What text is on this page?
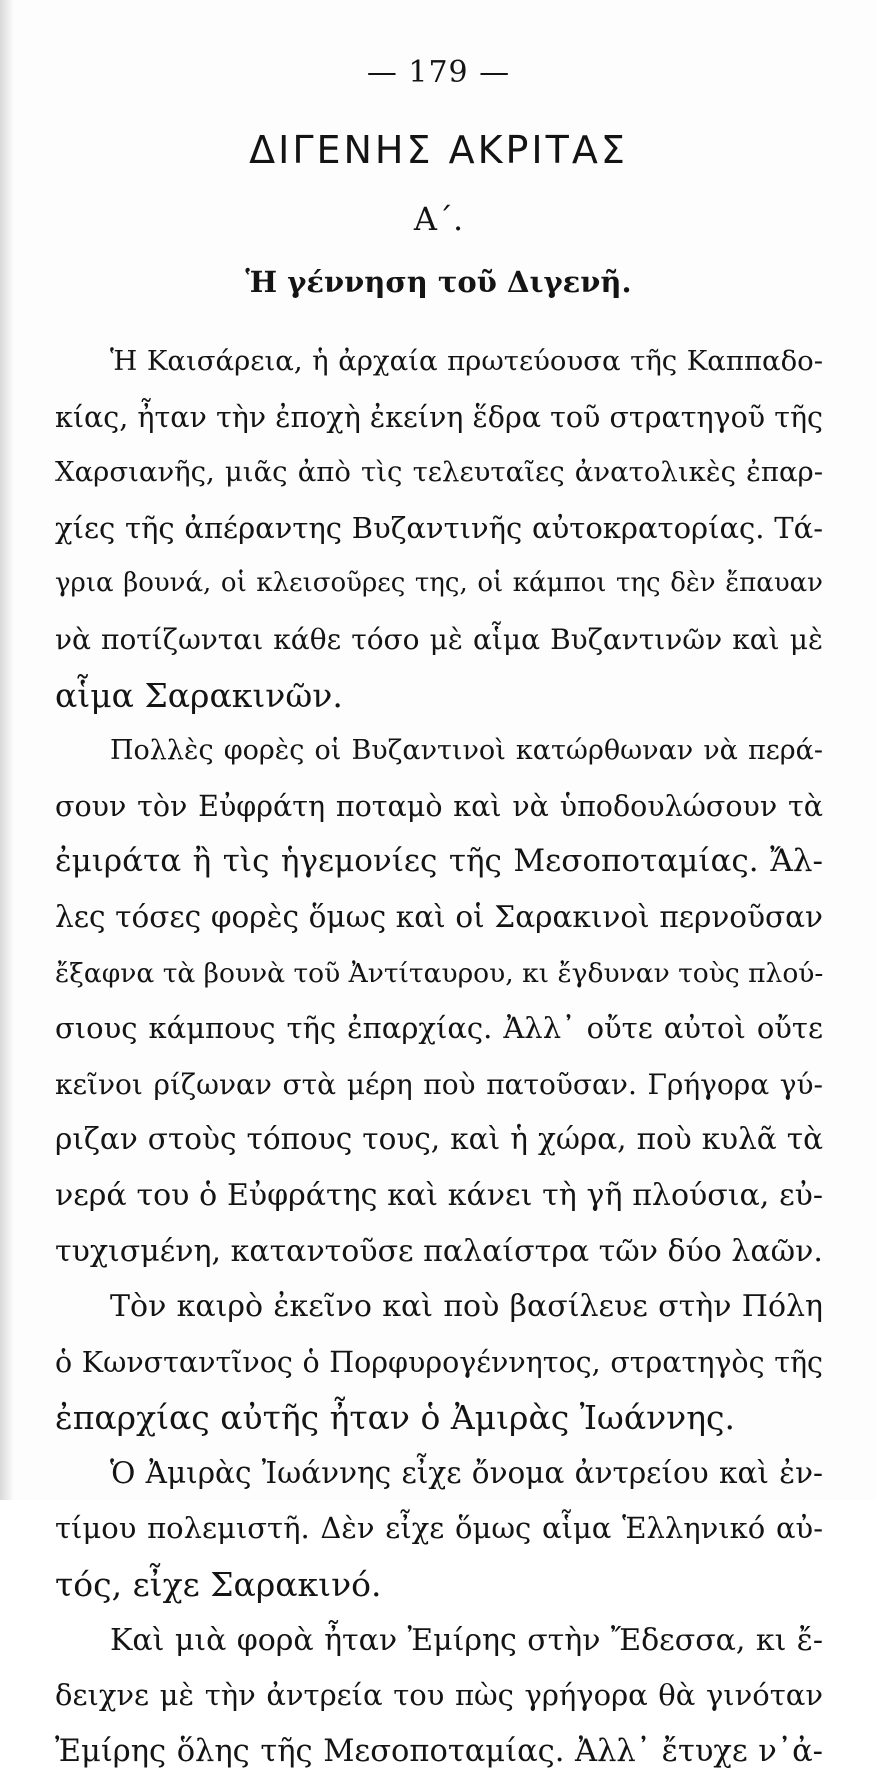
— 179 —
ΔΙΓΕΝΗΣ ΑΚΡΙΤΑΣ
Α΄.
Ἡ γέννηση τοῦ Διγενῆ.
Ἡ Καισάρεια, ἡ ἀρχαία πρωτεύουσα τῆς Καππαδο-
κίας, ἦταν τὴν ἐποχὴ ἐκείνη ἕδρα τοῦ στρατηγοῦ τῆς
Χαρσιανῆς, μιᾶς ἀπὸ τὶς τελευταῖες ἀνατολικὲς ἐπαρ-
χίες τῆς ἀπέραντης Βυζαντινῆς αὐτοκρατορίας. Τά-
γρια βουνά, οἱ κλεισοῦρες της, οἱ κάμποι της δὲν ἔπαυαν
νὰ ποτίζωνται κάθε τόσο μὲ αἷμα Βυζαντινῶν καὶ μὲ
αἷμα Σαρακινῶν.
Πολλὲς φορὲς οἱ Βυζαντινοὶ κατώρθωναν νὰ περά-
σουν τὸν Εὐφράτη ποταμὸ καὶ νὰ ὑποδουλώσουν τὰ
ἐμιράτα ἢ τὶς ἡγεμονίες τῆς Μεσοποταμίας. Ἄλ-
λες τόσες φορὲς ὅμως καὶ οἱ Σαρακινοὶ περνοῦσαν
ἔξαφνα τὰ βουνὰ τοῦ Ἀντίταυρου, κι ἔγδυναν τοὺς πλού-
σιους κάμπους τῆς ἐπαρχίας. Ἀλλ᾽ οὔτε αὐτοὶ οὔτε
κεῖνοι ρίζωναν στὰ μέρη ποὺ πατοῦσαν. Γρήγορα γύ-
ριζαν στοὺς τόπους τους, καὶ ἡ χώρα, ποὺ κυλᾶ τὰ
νερά του ὁ Εὐφράτης καὶ κάνει τὴ γῆ πλούσια, εὐ-
τυχισμένη, καταντοῦσε παλαίστρα τῶν δύο λαῶν.
Τὸν καιρὸ ἐκεῖνο καὶ ποὺ βασίλευε στὴν Πόλη
ὁ Κωνσταντῖνος ὁ Πορφυρογέννητος, στρατηγὸς τῆς
ἐπαρχίας αὐτῆς ἦταν ὁ Ἀμιρὰς Ἰωάννης.
Ὁ Ἀμιρὰς Ἰωάννης εἶχε ὄνομα ἀντρείου καὶ ἐν-
τίμου πολεμιστῆ. Δὲν εἶχε ὅμως αἷμα Ἑλληνικό αὐ-
τός, εἶχε Σαρακινό.
Καὶ μιὰ φορὰ ἦταν Ἐμίρης στὴν Ἔδεσσα, κι ἔ-
δειχνε μὲ τὴν ἀντρεία του πὼς γρήγορα θὰ γινόταν
Ἐμίρης ὅλης τῆς Μεσοποταμίας. Ἀλλ᾽ ἔτυχε ν᾽ἀ-
